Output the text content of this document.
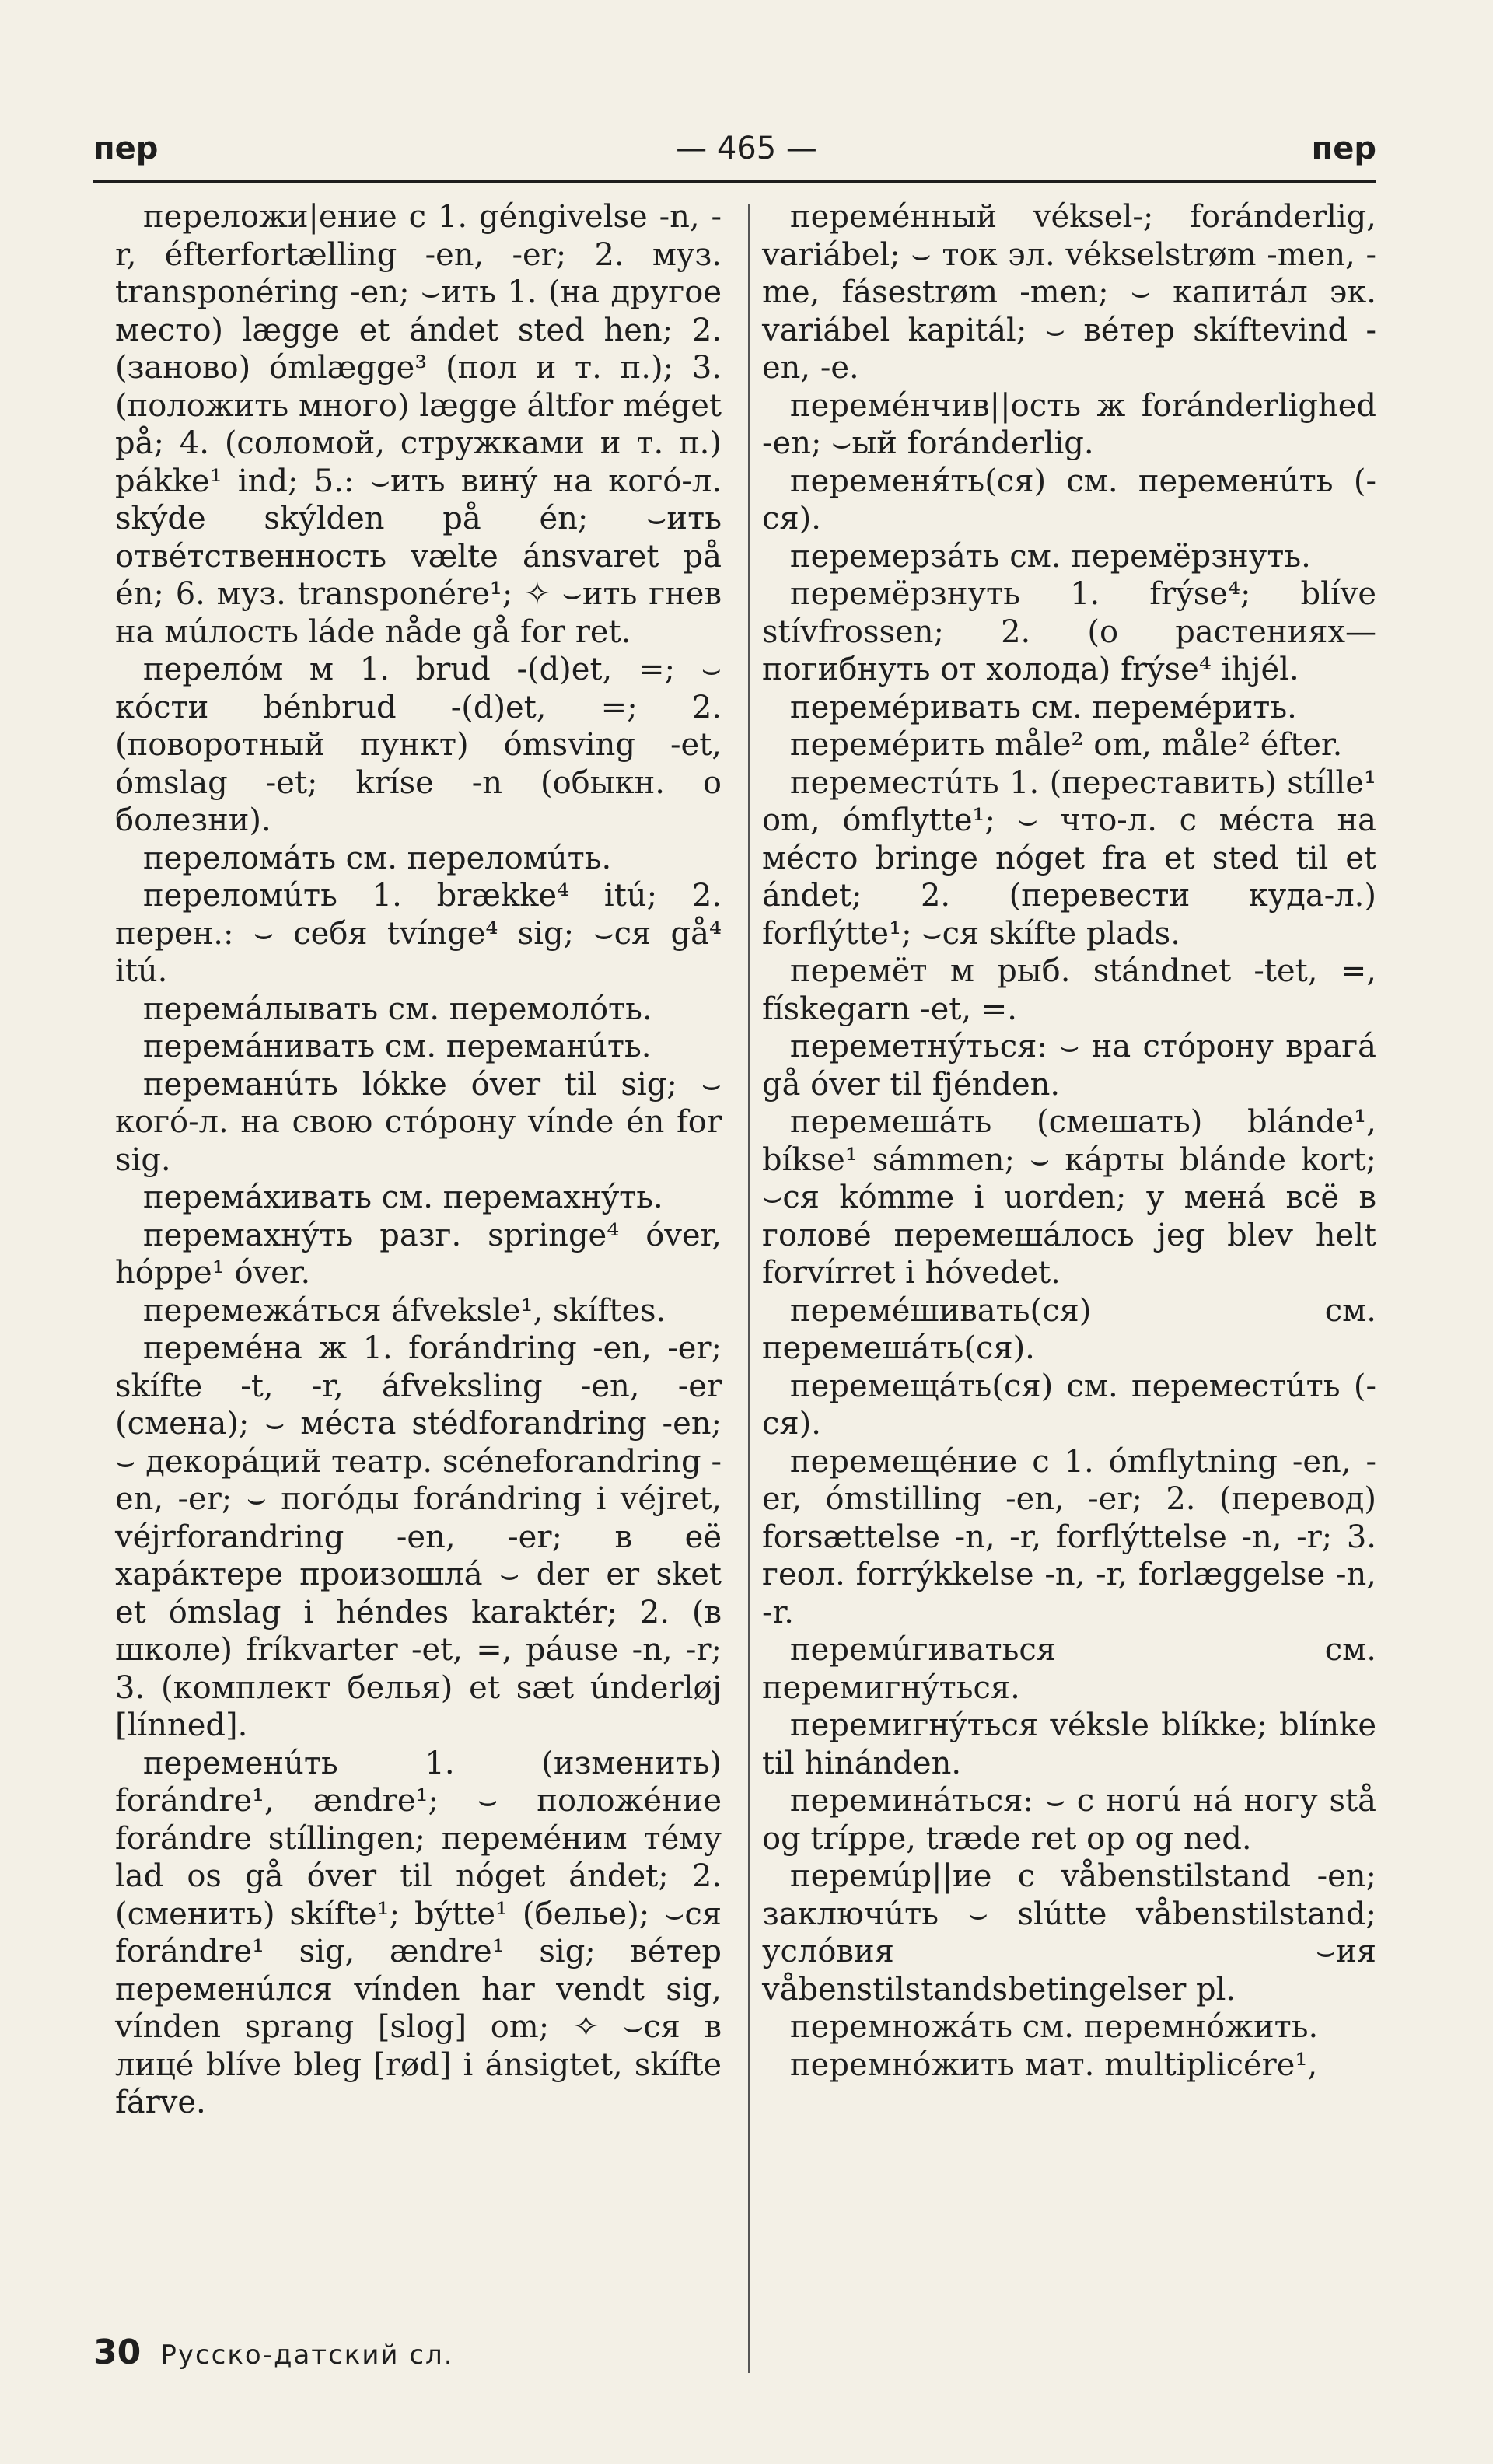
пер	— 465 —	пер

переложи|ение с 1. géngivelse -n, -r, éfterfortælling -en, -er; 2. муз. transponéring -en; ⌣ить 1. (на другое место) lægge et ándet sted hen; 2. (заново) ómlægge³ (пол и т. п.); 3. (положить много) lægge áltfor méget på; 4. (соломой, стружками и т. п.) pákke¹ ind; 5.: ⌣ить винý на когó-л. skýde skýlden på én; ⌣ить отвéтственность vælte ánsvaret på én; 6. муз. transponére¹; ✧ ⌣ить гнев на мúлость láde nåde gå for ret.

перелóм м 1. brud -(d)et, =; ⌣ кóсти bénbrud -(d)et, =; 2. (поворотный пункт) ómsving -et, ómslag -et; kríse -n (обыкн. о болезни).

переломáть см. переломúть.

переломúть 1. brække⁴ itú; 2. перен.: ⌣ себя tvínge⁴ sig; ⌣ся gå⁴ itú.

перемáлывать см. перемолóть.

перемáнивать см. переманúть.

переманúть lókke óver til sig; ⌣ когó-л. на свою стóрону vínde én for sig.

перемáхивать см. перемахнýть.

перемахнýть разг. springe⁴ óver, hóppe¹ óver.

перемежáться áfveksle¹, skíftes.

перемéна ж 1. forándring -en, -er; skífte -t, -r, áfveksling -en, -er (смена); ⌣ мéста stédforandring -en; ⌣ декорáций театр. scéneforandring -en, -er; ⌣ погóды forándring i véjret, véjrforandring -en, -er; в её харáктере произошлá ⌣ der er sket et ómslag i héndes karaktér; 2. (в школе) fríkvarter -et, =, páuse -n, -r; 3. (комплект белья) et sæt únderløj [línned].

переменúть 1. (изменить) forándre¹, ændre¹; ⌣ положéние forándre stíllingen; перемéним тéму lad os gå óver til nóget ándet; 2. (сменить) skífte¹; býtte¹ (белье); ⌣ся forándre¹ sig, ændre¹ sig; вéтер переменúлся vínden har vendt sig, vínden sprang [slog] om; ✧ ⌣ся в лицé blíve bleg [rød] i ánsigtet, skífte fárve.

перемéнный véksel-; foránderlig, variábel; ⌣ ток эл. vékselstrøm -men, -me, fásestrøm -men; ⌣ капитáл эк. variábel kapitál; ⌣ вéтер skíftevind -en, -e.

перемéнчив||ость ж foránderlighed -en; ⌣ый foránderlig.

переменя́ть(ся) см. переменúть (-ся).

перемерзáть см. перемёрзнуть.

перемёрзнуть 1. frýse⁴; blíve stívfrossen; 2. (о растениях—погибнуть от холода) frýse⁴ ihjél.

перемéривать см. перемéрить.

перемéрить måle² om, måle² éfter.

переместúть 1. (переставить) stílle¹ om, ómflytte¹; ⌣ что-л. с мéста на мéсто bringe nóget fra et sted til et ándet; 2. (перевести куда-л.) forflýtte¹; ⌣ся skífte plads.

перемёт м рыб. stándnet -tet, =, fískegarn -et, =.

переметнýться: ⌣ на стóрону врагá gå óver til fjénden.

перемешáть (смешать) blánde¹, bíkse¹ sámmen; ⌣ кáрты blánde kort; ⌣ся kómme i uorden; у менá всё в головé перемешáлось jeg blev helt forvírret i hóvedet.

перемéшивать(ся) см. перемешáть(ся).

перемещáть(ся) см. переместúть (-ся).

перемещéние с 1. ómflytning -en, -er, ómstilling -en, -er; 2. (перевод) forsættelse -n, -r, forflýttelse -n, -r; 3. геол. forrýkkelse -n, -r, forlæggelse -n, -r.

перемúгиваться см. перемигнýться.

перемигнýться véksle blíkke; blínke til hinánden.

переминáться: ⌣ с ногú нá ногу stå og tríppe, træde ret op og ned.

перемúр||ие с våbenstilstand -en; заключúть ⌣ slútte våbenstilstand; услóвия ⌣ия våbenstilstandsbetingelser pl.

перемножáть см. перемнóжить.

перемнóжить мат. multiplicére¹,

30 Русско-датский сл.
